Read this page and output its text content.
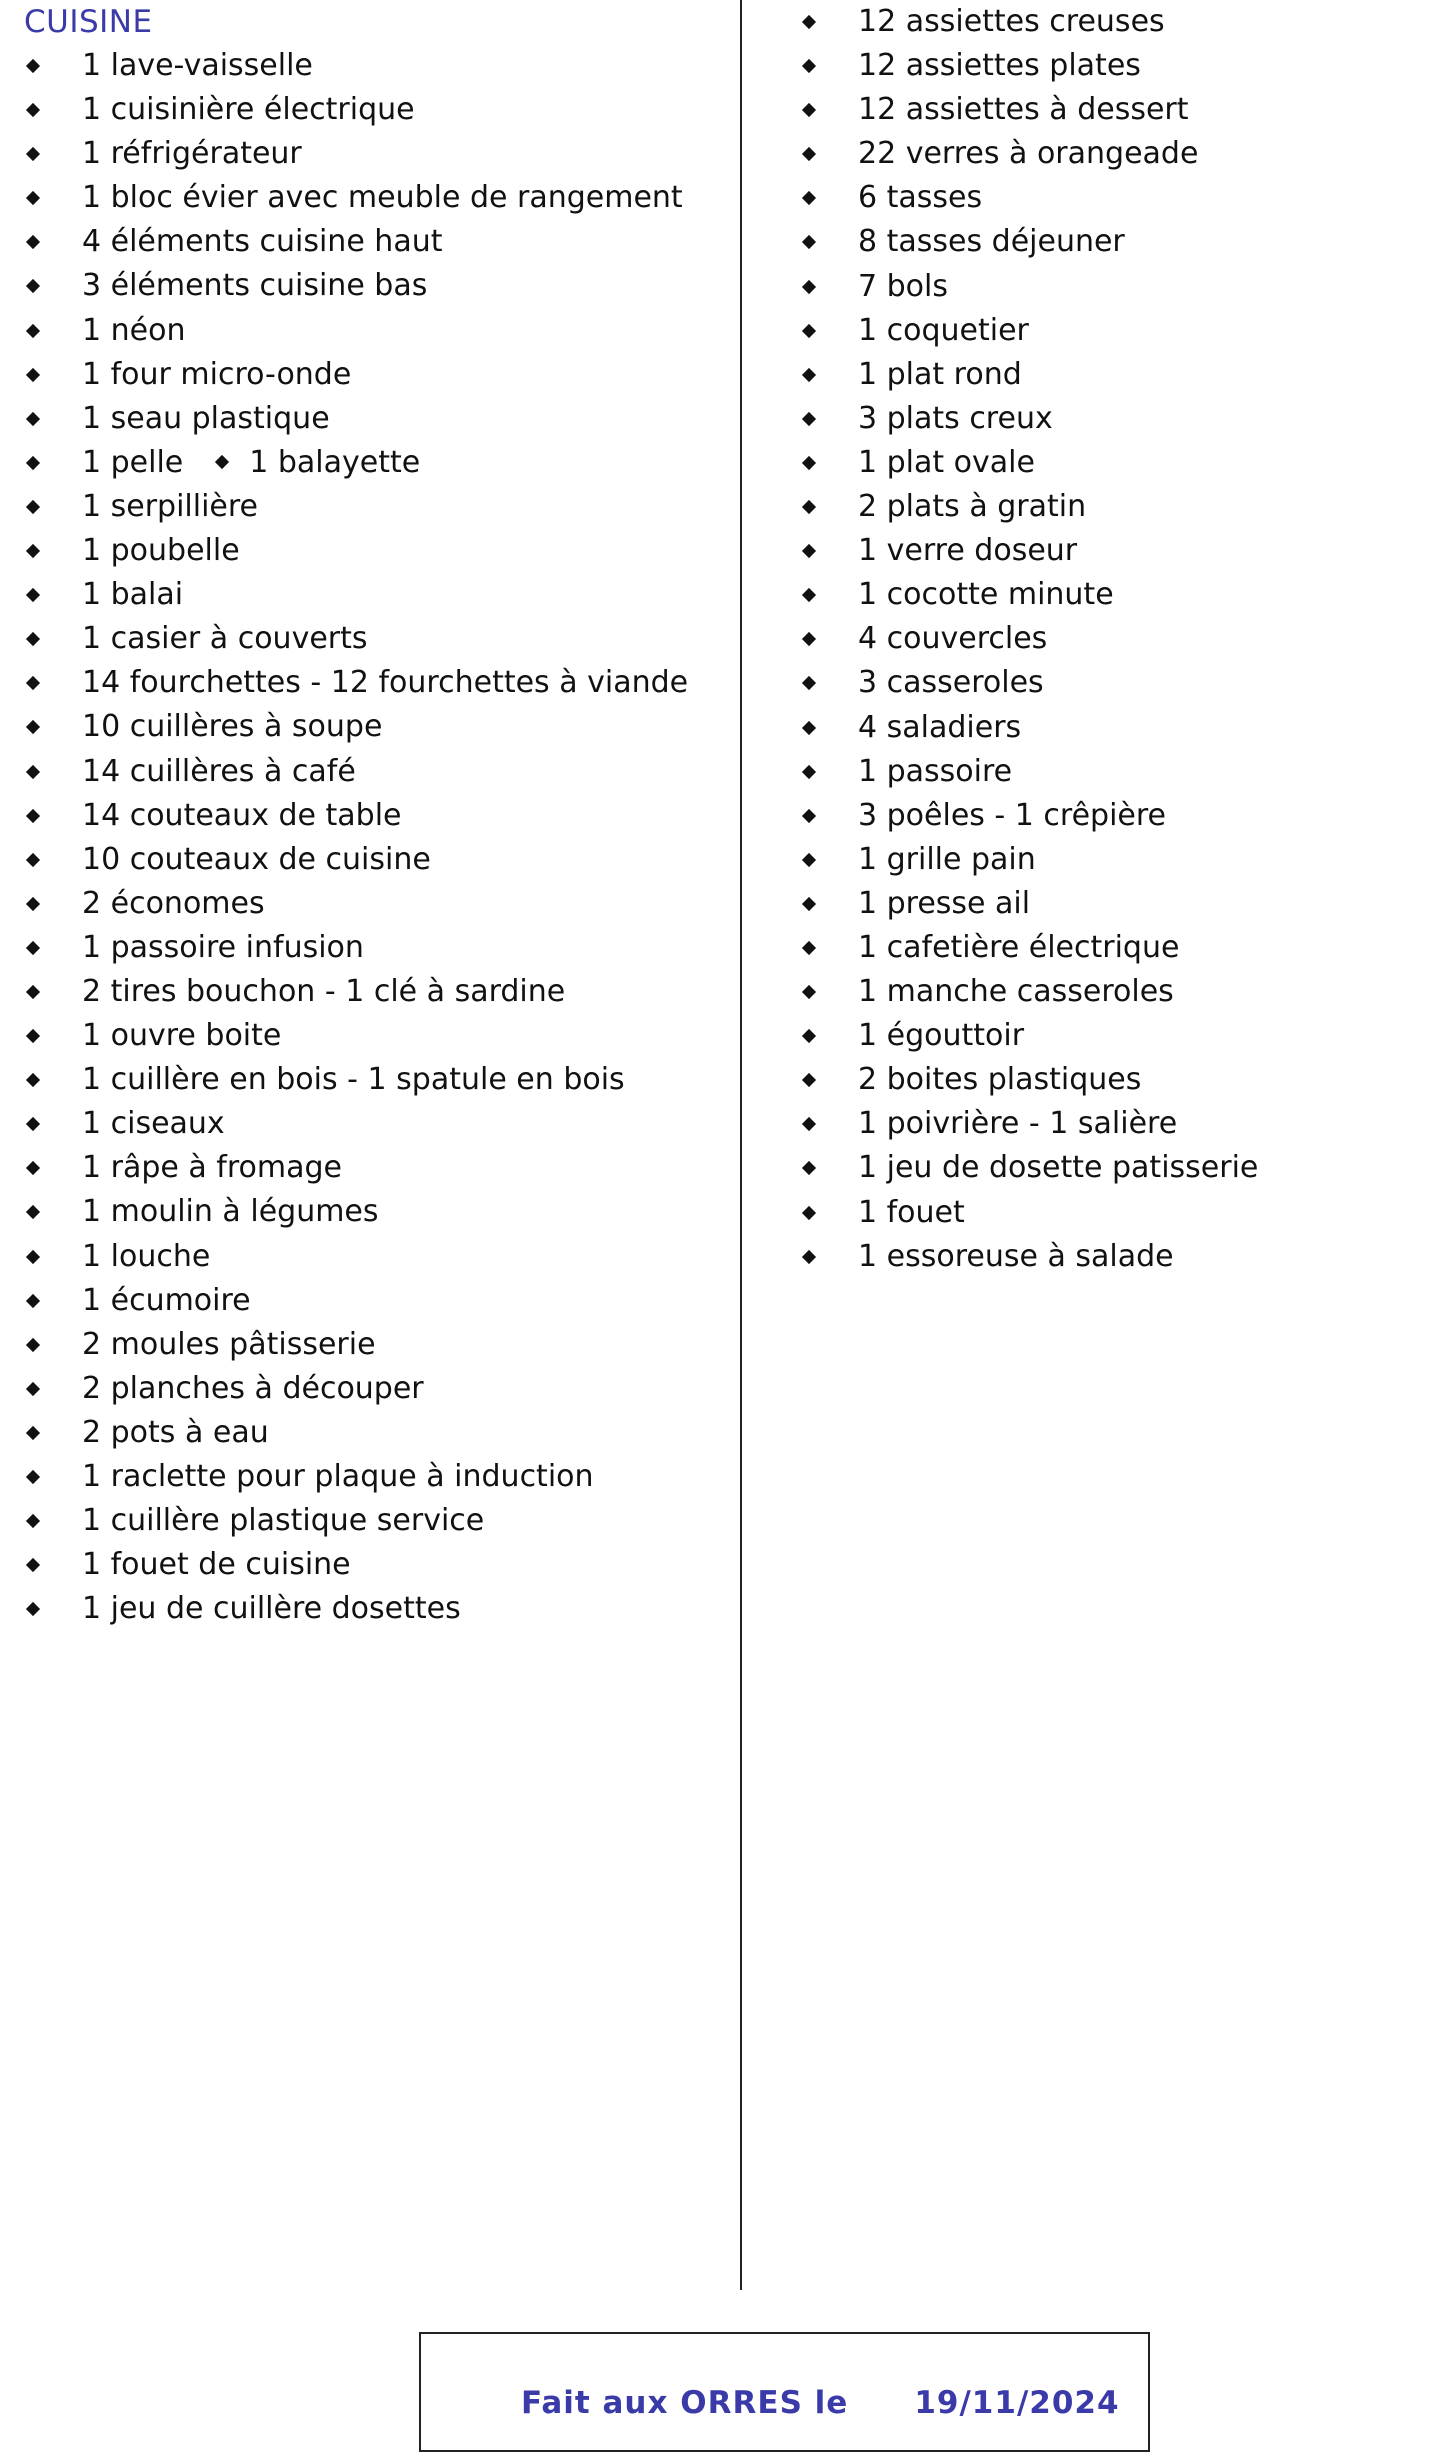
CUISINE
1 lave-vaisselle
1 cuisinière électrique
1 réfrigérateur
1 bloc évier avec meuble de rangement
4 éléments cuisine haut
3 éléments cuisine bas
1 néon
1 four micro-onde
1 seau plastique
1 pelle 1 balayette
1 serpillière
1 poubelle
1 balai
1 casier à couverts
14 fourchettes - 12 fourchettes à viande
10 cuillères à soupe
14 cuillères à café
14 couteaux de table
10 couteaux de cuisine
2 économes
1 passoire infusion
2 tires bouchon - 1 clé à sardine
1 ouvre boite
1 cuillère en bois - 1 spatule en bois
1 ciseaux
1 râpe à fromage
1 moulin à légumes
1 louche
1 écumoire
2 moules pâtisserie
2 planches à découper
2 pots à eau
1 raclette pour plaque à induction
1 cuillère plastique service
1 fouet de cuisine
1 jeu de cuillère dosettes
12 assiettes creuses
12 assiettes plates
12 assiettes à dessert
22 verres à orangeade
6 tasses
8 tasses déjeuner
7 bols
1 coquetier
1 plat rond
3 plats creux
1 plat ovale
2 plats à gratin
1 verre doseur
1 cocotte minute
4 couvercles
3 casseroles
4 saladiers
1 passoire
3 poêles - 1 crêpière
1 grille pain
1 presse ail
1 cafetière électrique
1 manche casseroles
1 égouttoir
2 boites plastiques
1 poivrière - 1 salière
1 jeu de dosette patisserie
1 fouet
1 essoreuse à salade
Fait aux ORRES le 19/11/2024
